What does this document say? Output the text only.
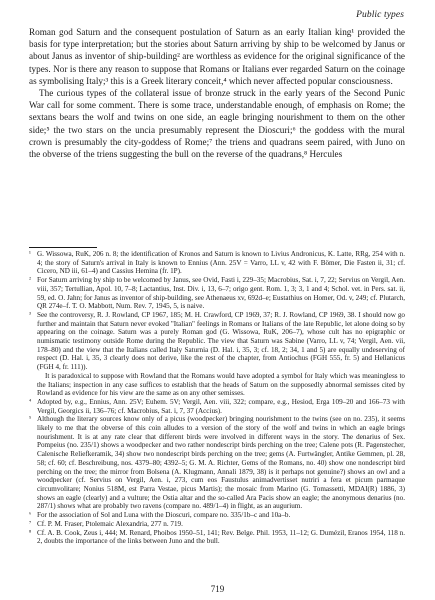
Public types

Roman god Saturn and the consequent postulation of Saturn as an early Italian king¹ provided the basis for type interpretation; but the stories about Saturn arriving by ship to be welcomed by Janus or about Janus as inventor of ship-building² are worthless as evidence for the original significance of the types. Nor is there any reason to suppose that Romans or Italians ever regarded Saturn on the coinage as symbolising Italy;³ this is a Greek literary conceit,⁴ which never affected popular consciousness.

The curious types of the collateral issue of bronze struck in the early years of the Second Punic War call for some comment. There is some trace, understandable enough, of emphasis on Rome; the sextans bears the wolf and twins on one side, an eagle bringing nourishment to them on the other side;⁵ the two stars on the uncia presumably represent the Dioscuri;⁶ the goddess with the mural crown is presumably the city-goddess of Rome;⁷ the triens and quadrans seem paired, with Juno on the obverse of the triens suggesting the bull on the reverse of the quadrans,⁸ Hercules

¹ G. Wissowa, RuK, 206 n. 8; the identification of Kronos and Saturn is known to Livius Andronicus, K. Latte, RRg, 254 with n. 4; the story of Saturn's arrival in Italy is known to Ennius (Ann. 25V = Varro, LL v, 42 with F. Bömer, Die Fasten ii, 31; cf. Cicero, ND iii, 61–4) and Cassius Hemina (fr. 1P).
² For Saturn arriving by ship to be welcomed by Janus, see Ovid, Fasti i, 229–35; Macrobius, Sat. i, 7, 22; Servius on Vergil, Aen. viii, 357; Tertullian, Apol. 10, 7–8; Lactantius, Inst. Div. i, 13, 6–7; origo gent. Rom. 1, 3; 3, 1 and 4; Schol. vet. in Pers. sat. ii, 59, ed. O. Jahn; for Janus as inventor of ship-building, see Athenaeus xv, 692d–e; Eustathius on Homer, Od. v, 249; cf. Plutarch, QR 274e–f. T. O. Mabbott, Num. Rev. 7, 1945, 5, is naive.
³ See the controversy, R. J. Rowland, CP 1967, 185; M. H. Crawford, CP 1969, 37; R. J. Rowland, CP 1969, 38. I should now go further and maintain that Saturn never evoked "Italian" feelings in Romans or Italians of the late Republic, let alone doing so by appearing on the coinage. Saturn was a purely Roman god (G. Wissowa, RuK, 206–7), whose cult has no epigraphic or numismatic testimony outside Rome during the Republic. The view that Saturn was Sabine (Varro, LL v, 74; Vergil, Aen. vii, 178–80) and the view that the Italians called Italy Saturnia (D. Hal. i, 35, 3; cf. 18, 2; 34, 1 and 5) are equally undeserving of respect (D. Hal. i, 35, 3 clearly does not derive, like the rest of the chapter, from Antiochus (FGH 555, fr. 5) and Hellanicus (FGH 4, fr. 111)).
It is paradoxical to suppose with Rowland that the Romans would have adopted a symbol for Italy which was meaningless to the Italians; inspection in any case suffices to establish that the heads of Saturn on the supposedly abnormal semisses cited by Rowland as evidence for his view are the same as on any other semisses.
⁴ Adopted by, e.g., Ennius, Ann. 25V; Euhem. 5V; Vergil, Aen. viii, 322; compare, e.g., Hesiod, Erga 109–20 and 166–73 with Vergil, Georgics ii, 136–76; cf. Macrobius, Sat. i, 7, 37 (Accius).
⁵ Although the literary sources know only of a picus (woodpecker) bringing nourishment to the twins (see on no. 235), it seems likely to me that the obverse of this coin alludes to a version of the story of the wolf and twins in which an eagle brings nourishment. It is at any rate clear that different birds were involved in different ways in the story. The denarius of Sex. Pompeius (no. 235/1) shows a woodpecker and two rather nondescript birds perching on the tree; Calene pots (R. Pagenstecher, Calenische Reliefkeramik, 34) show two nondescript birds perching on the tree; gems (A. Furtwängler, Antike Gemmen, pl. 28, 58; cf. 60; cf. Beschreibung, nos. 4379–80; 4392–5; G. M. A. Richter, Gems of the Romans, no. 40) show one nondescript bird perching on the tree; the mirror from Bolsena (A. Klugmann, Annali 1879, 38) is it perhaps not genuine?) shows an owl and a woodpecker (cf. Servius on Vergil, Aen. i, 273, cum eos Faustulus animadvertisset nutriri a fera et picum parmaque circumvolitare; Nonius 518M, est Parra Vestae, picus Martis); the mosaic from Marino (G. Tomassetti, MDAI(R) 1886, 3) shows an eagle (clearly) and a vulture; the Ostia altar and the so-called Ara Pacis show an eagle; the anonymous denarius (no. 287/1) shows what are probably two ravens (compare no. 489/1–4) in flight, as an augurium.
⁶ For the association of Sol and Luna with the Dioscuri, compare no. 335/1b–c and 10a–b.
⁷ Cf. P. M. Fraser, Ptolemaic Alexandria, 277 n. 719.
⁸ Cf. A. B. Cook, Zeus i, 444; M. Renard, Phoibos 1950–51, 141; Rev. Belge. Phil. 1953, 11–12; G. Dumézil, Eranos 1954, 118 n. 2, doubts the importance of the links between Juno and the bull.
719
